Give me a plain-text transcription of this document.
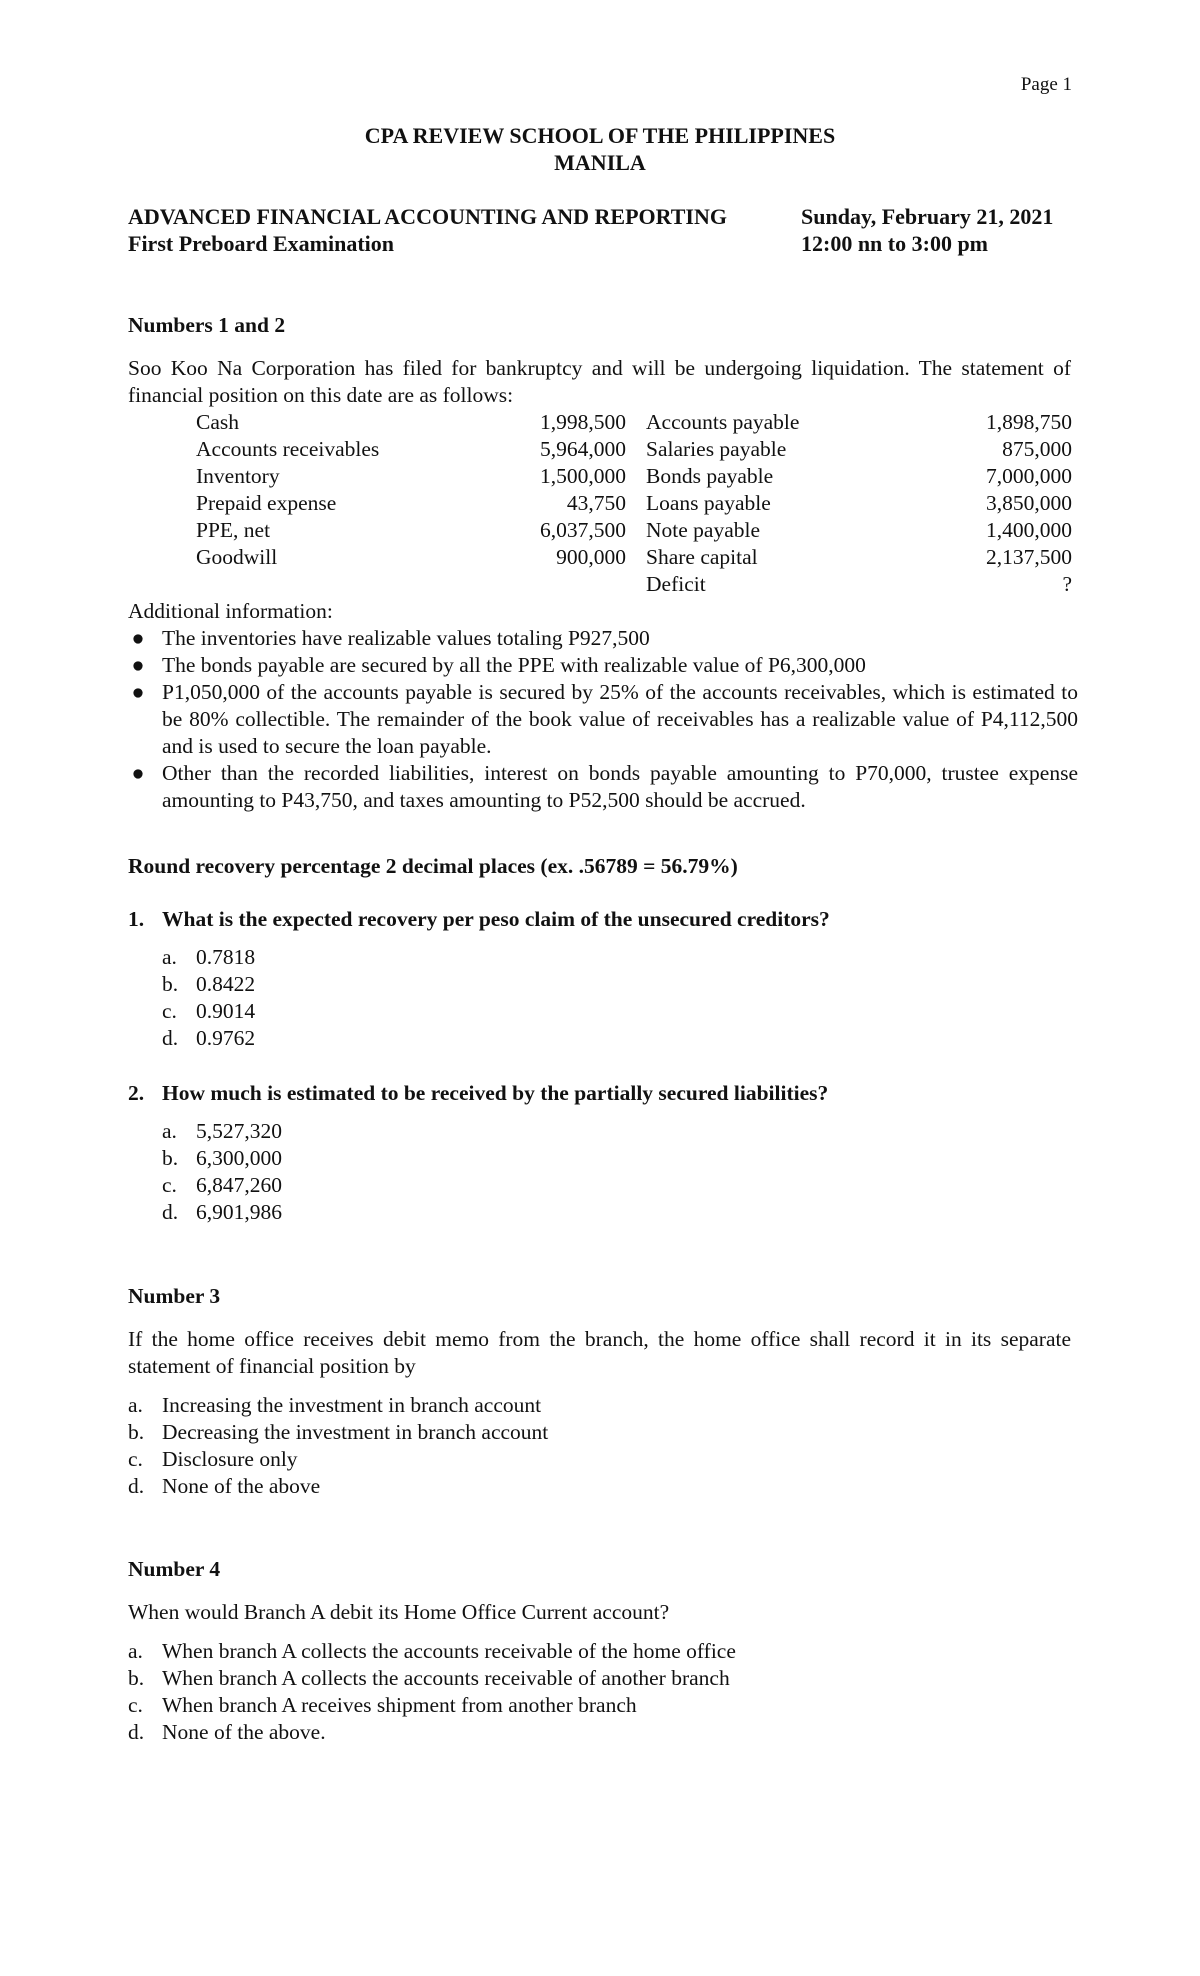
Page 1
CPA REVIEW SCHOOL OF THE PHILIPPINES
MANILA
ADVANCED FINANCIAL ACCOUNTING AND REPORTING	Sunday, February 21, 2021
First Preboard Examination	12:00 nn to 3:00 pm
Numbers 1 and 2
Soo Koo Na Corporation has filed for bankruptcy and will be undergoing liquidation. The statement of financial position on this date are as follows:
Cash	1,998,500	Accounts payable	1,898,750
Accounts receivables	5,964,000	Salaries payable	875,000
Inventory	1,500,000	Bonds payable	7,000,000
Prepaid expense	43,750	Loans payable	3,850,000
PPE, net	6,037,500	Note payable	1,400,000
Goodwill	900,000	Share capital	2,137,500
		Deficit	?
Additional information:
● The inventories have realizable values totaling P927,500
● The bonds payable are secured by all the PPE with realizable value of P6,300,000
● P1,050,000 of the accounts payable is secured by 25% of the accounts receivables, which is estimated to be 80% collectible. The remainder of the book value of receivables has a realizable value of P4,112,500 and is used to secure the loan payable.
● Other than the recorded liabilities, interest on bonds payable amounting to P70,000, trustee expense amounting to P43,750, and taxes amounting to P52,500 should be accrued.
Round recovery percentage 2 decimal places (ex. .56789 = 56.79%)
1. What is the expected recovery per peso claim of the unsecured creditors?
a. 0.7818
b. 0.8422
c. 0.9014
d. 0.9762
2. How much is estimated to be received by the partially secured liabilities?
a. 5,527,320
b. 6,300,000
c. 6,847,260
d. 6,901,986
Number 3
If the home office receives debit memo from the branch, the home office shall record it in its separate statement of financial position by
a. Increasing the investment in branch account
b. Decreasing the investment in branch account
c. Disclosure only
d. None of the above
Number 4
When would Branch A debit its Home Office Current account?
a. When branch A collects the accounts receivable of the home office
b. When branch A collects the accounts receivable of another branch
c. When branch A receives shipment from another branch
d. None of the above.
